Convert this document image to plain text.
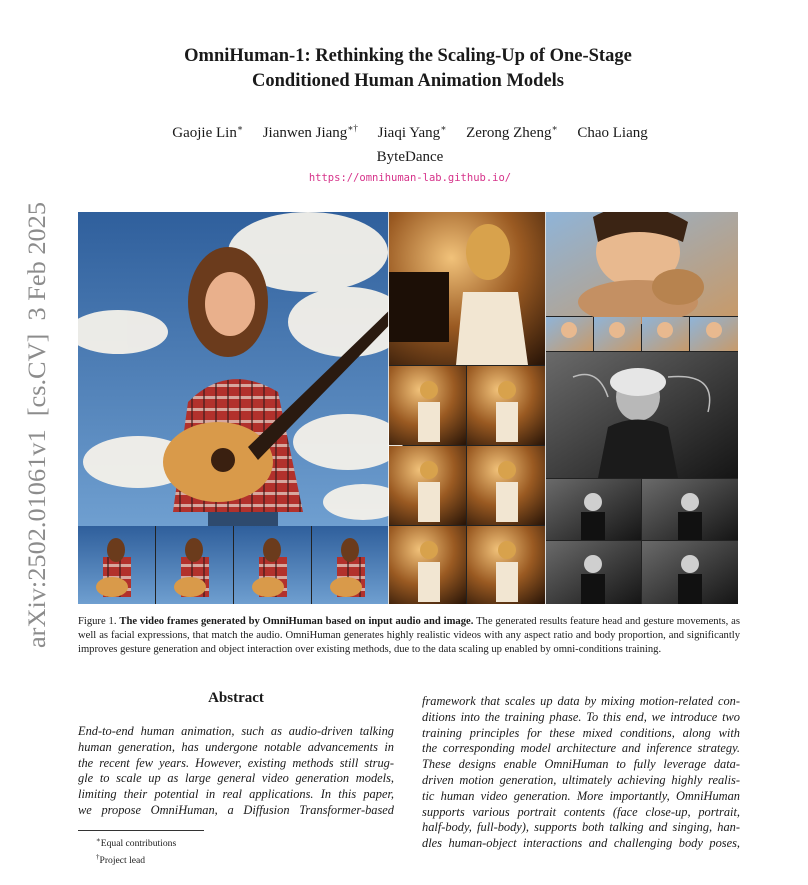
OmniHuman-1: Rethinking the Scaling-Up of One-Stage
Conditioned Human Animation Models
Gaojie Lin∗ Jianwen Jiang∗† Jiaqi Yang∗ Zerong Zheng∗ Chao Liang
ByteDance
https://omnihuman-lab.github.io/
arXiv:2502.01061v1  [cs.CV]  3 Feb 2025	Figure 1. The video frames generated by OmniHuman based on input audio and image. The generated results feature head and gesture movements, as well as facial expressions, that match the audio. OmniHuman generates highly realistic videos with any aspect ratio and body proportion, and significantly improves gesture generation and object interaction over existing methods, due to the data scaling up enabled by omni-conditions training.
Abstract
End-to-end human animation, such as audio-driven talking
human generation, has undergone notable advancements in
the recent few years. However, existing methods still strug-
gle to scale up as large general video generation models,
limiting their potential in real applications. In this paper,
we propose OmniHuman, a Diffusion Transformer-based
framework that scales up data by mixing motion-related con-
ditions into the training phase. To this end, we introduce two
training principles for these mixed conditions, along with
the corresponding model architecture and inference strategy.
These designs enable OmniHuman to fully leverage data-
driven motion generation, ultimately achieving highly realis-
tic human video generation. More importantly, OmniHuman
supports various portrait contents (face close-up, portrait,
half-body, full-body), supports both talking and singing, han-
dles human-object interactions and challenging body poses,
∗Equal contributions
†Project lead
